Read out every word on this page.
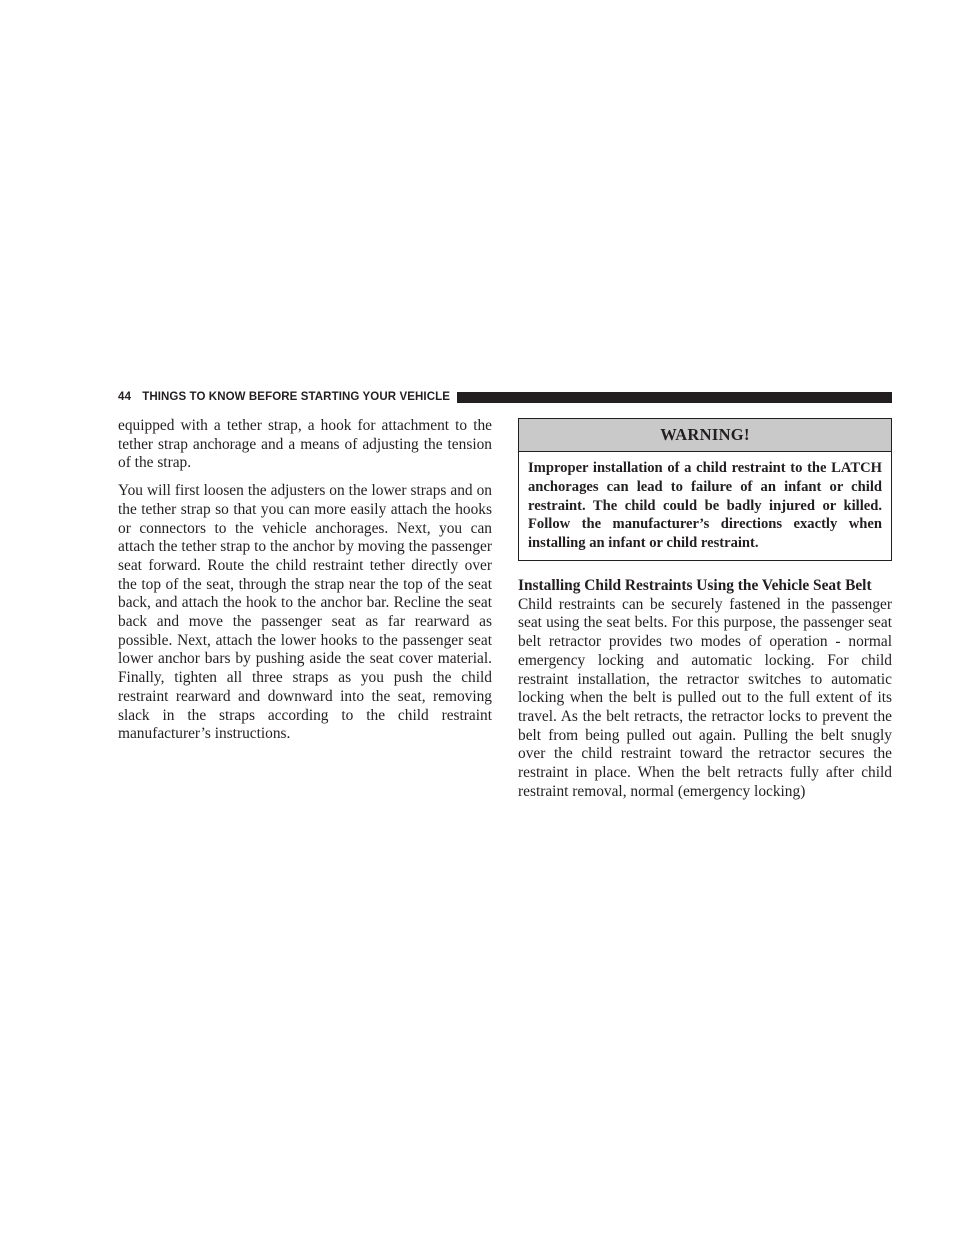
44 THINGS TO KNOW BEFORE STARTING YOUR VEHICLE

equipped with a tether strap, a hook for attachment to the tether strap anchorage and a means of adjusting the tension of the strap.

You will first loosen the adjusters on the lower straps and on the tether strap so that you can more easily attach the hooks or connectors to the vehicle anchorages. Next, you can attach the tether strap to the anchor by moving the passenger seat forward. Route the child restraint tether directly over the top of the seat, through the strap near the top of the seat back, and attach the hook to the anchor bar. Recline the seat back and move the passenger seat as far rearward as possible. Next, attach the lower hooks to the passenger seat lower anchor bars by pushing aside the seat cover material. Finally, tighten all three straps as you push the child restraint rearward and downward into the seat, removing slack in the straps according to the child restraint manufacturer’s instructions.

WARNING!
Improper installation of a child restraint to the LATCH anchorages can lead to failure of an infant or child restraint. The child could be badly injured or killed. Follow the manufacturer’s directions exactly when installing an infant or child restraint.
Installing Child Restraints Using the Vehicle Seat Belt

Child restraints can be securely fastened in the passenger seat using the seat belts. For this purpose, the passenger seat belt retractor provides two modes of operation - normal emergency locking and automatic locking. For child restraint installation, the retractor switches to automatic locking when the belt is pulled out to the full extent of its travel. As the belt retracts, the retractor locks to prevent the belt from being pulled out again. Pulling the belt snugly over the child restraint toward the retractor secures the restraint in place. When the belt retracts fully after child restraint removal, normal (emergency locking)
